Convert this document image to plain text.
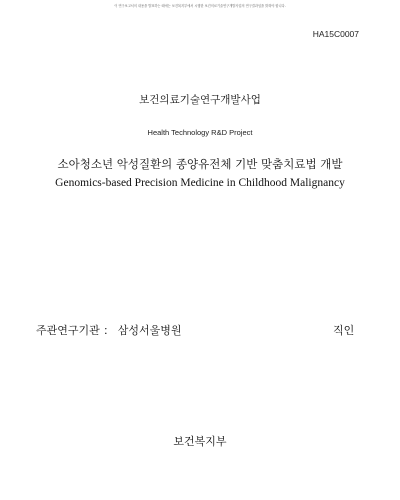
이 연구보고서의 내용을 발표하는 때에는 보건복지부에서 시행한 보건의료기술연구개발사업의 연구결과임을 밝혀야 합니다.
HA15C0007
보건의료기술연구개발사업
Health Technology R&D Project
소아청소년 악성질환의 종양유전체 기반 맞춤치료법 개발
Genomics-based Precision Medicine in Childhood Malignancy
주관연구기관 ： 삼성서울병원	직인
보건복지부
